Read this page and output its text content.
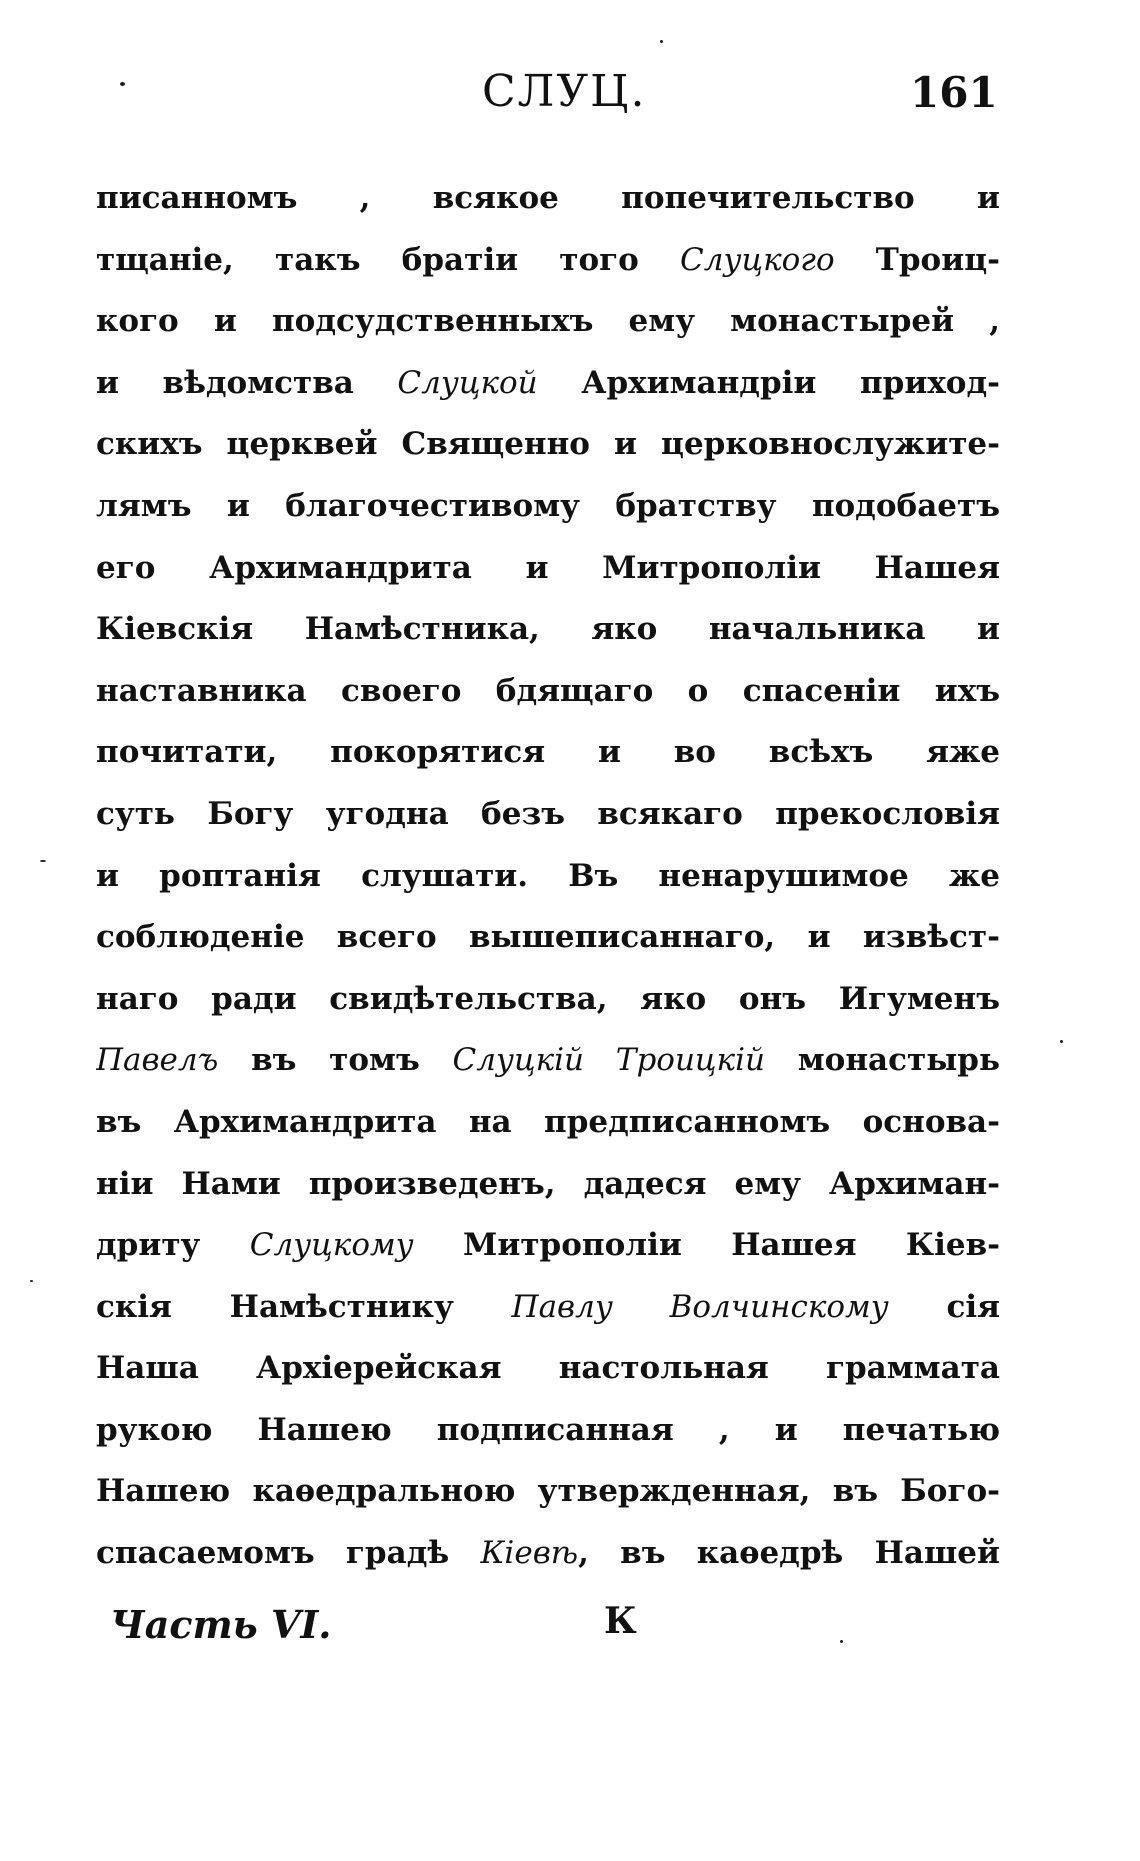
СЛУЦ.	161
писанномъ , всякое попечительство и
тщаніе, такъ братіи того Слуцкого Троиц-
кого и подсудственныхъ ему монастырей ,
и вѣдомства Слуцкой Архимандріи приход-
скихъ церквей Священно и церковнослужите-
лямъ и благочестивому братству подобаетъ
его Архимандрита и Митрополіи Нашея
Кіевскія Намѣстника, яко начальника и
наставника своего бдящаго о спасеніи ихъ
почитати, покорятися и во всѣхъ яже
суть Богу угодна безъ всякаго прекословія
и роптанія слушати. Въ ненарушимое же
соблюденіе всего вышеписаннаго, и извѣст-
наго ради свидѣтельства, яко онъ Игуменъ
Павелъ въ томъ Слуцкій Троицкій монастырь
въ Архимандрита на предписанномъ основа-
ніи Нами произведенъ, дадеся ему Архиман-
дриту Слуцкому Митрополіи Нашея Кіев-
скія Намѣстнику Павлу Волчинскому сія
Наша Архіерейская настольная граммата
рукою Нашею подписанная , и печатью
Нашею каѳедральною утвержденная, въ Бого-
спасаемомъ градѣ Кіевѣ, въ каѳедрѣ Нашей
Часть VI.	К
